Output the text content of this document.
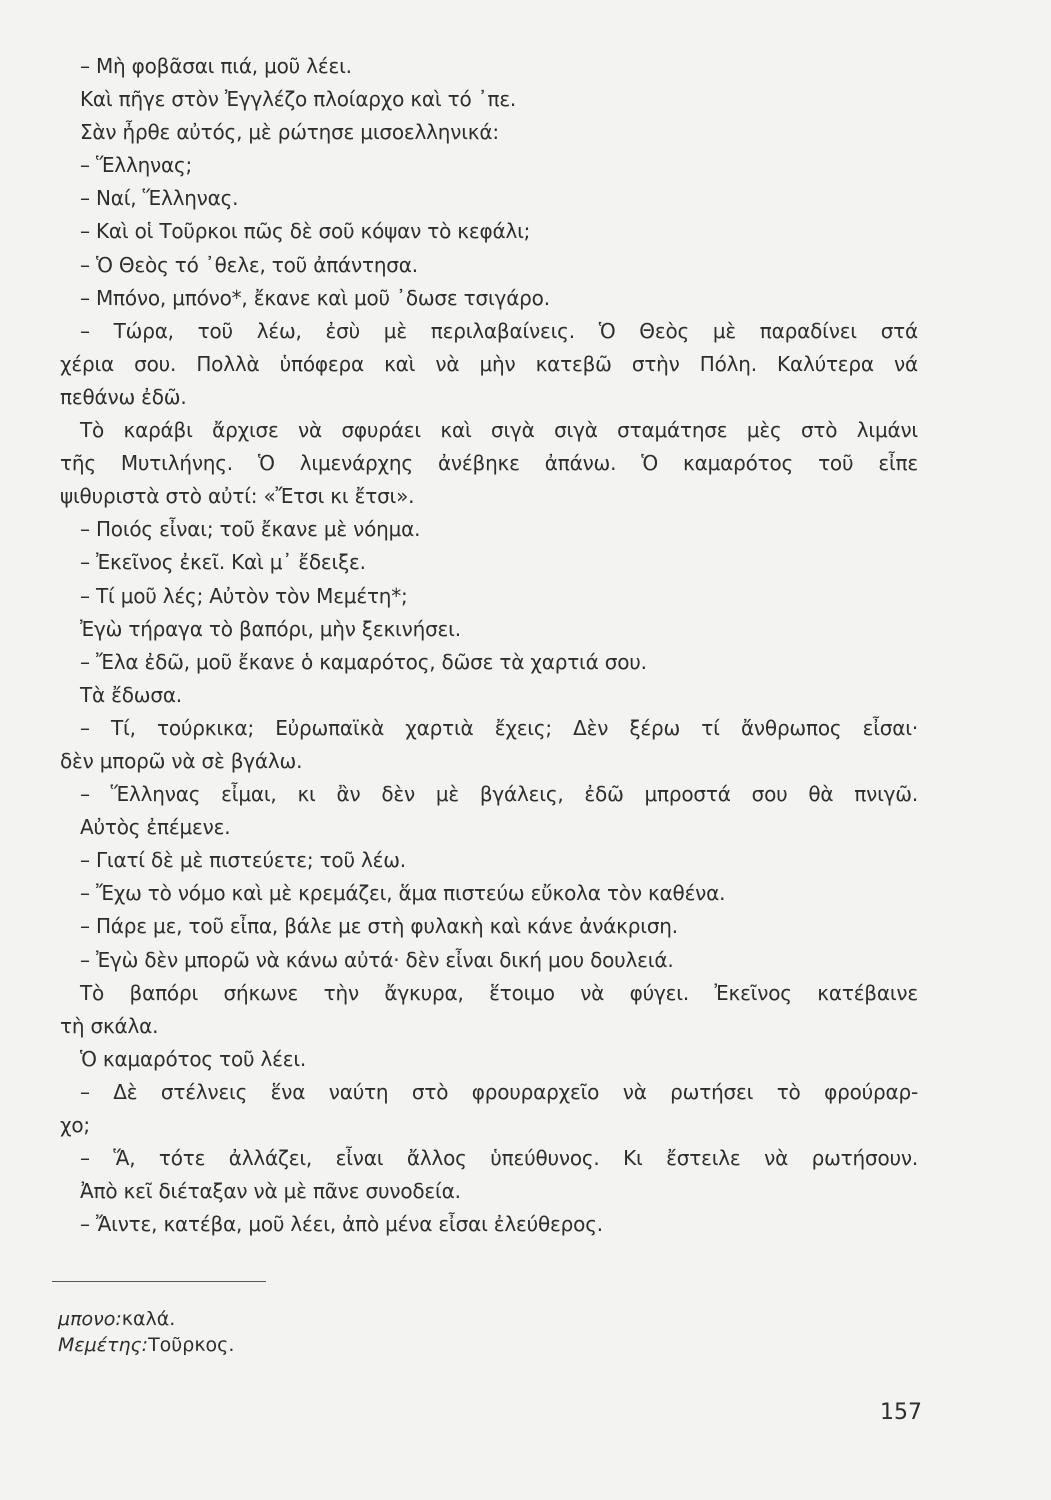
– Μὴ φοβᾶσαι πιά, μοῦ λέει.
Καὶ πῆγε στὸν Ἐγγλέζο πλοίαρχο καὶ τό ᾽πε.
Σὰν ἦρθε αὐτός, μὲ ρώτησε μισοελληνικά:
– Ἕλληνας;
– Ναί, Ἕλληνας.
– Καὶ οἱ Τοῦρκοι πῶς δὲ σοῦ κόψαν τὸ κεφάλι;
– Ὁ Θεὸς τό ᾽θελε, τοῦ ἀπάντησα.
– Μπόνο, μπόνο*, ἔκανε καὶ μοῦ ᾽δωσε τσιγάρο.
– Τώρα, τοῦ λέω, ἐσὺ μὲ περιλαβαίνεις. Ὁ Θεὸς μὲ παραδίνει στά
χέρια σου. Πολλὰ ὑπόφερα καὶ νὰ μὴν κατεβῶ στὴν Πόλη. Καλύτερα νά
πεθάνω ἐδῶ.
Τὸ καράβι ἄρχισε νὰ σφυράει καὶ σιγὰ σιγὰ σταμάτησε μὲς στὸ λιμάνι
τῆς Μυτιλήνης. Ὁ λιμενάρχης ἀνέβηκε ἀπάνω. Ὁ καμαρότος τοῦ εἶπε
ψιθυριστὰ στὸ αὐτί: «Ἔτσι κι ἔτσι».
– Ποιός εἶναι; τοῦ ἔκανε μὲ νόημα.
– Ἐκεῖνος ἐκεῖ. Καὶ μ᾽ ἔδειξε.
– Τί μοῦ λές; Αὐτὸν τὸν Μεμέτη*;
Ἐγὼ τήραγα τὸ βαπόρι, μὴν ξεκινήσει.
– Ἔλα ἐδῶ, μοῦ ἔκανε ὁ καμαρότος, δῶσε τὰ χαρτιά σου.
Τὰ ἔδωσα.
– Τί, τούρκικα; Εὐρωπαϊκὰ χαρτιὰ ἔχεις; Δὲν ξέρω τί ἄνθρωπος εἶσαι·
δὲν μπορῶ νὰ σὲ βγάλω.
– Ἕλληνας εἶμαι, κι ἂν δὲν μὲ βγάλεις, ἐδῶ μπροστά σου θὰ πνιγῶ.
Αὐτὸς ἐπέμενε.
– Γιατί δὲ μὲ πιστεύετε; τοῦ λέω.
– Ἔχω τὸ νόμο καὶ μὲ κρεμάζει, ἅμα πιστεύω εὔκολα τὸν καθένα.
– Πάρε με, τοῦ εἶπα, βάλε με στὴ φυλακὴ καὶ κάνε ἀνάκριση.
– Ἐγὼ δὲν μπορῶ νὰ κάνω αὐτά· δὲν εἶναι δική μου δουλειά.
Τὸ βαπόρι σήκωνε τὴν ἄγκυρα, ἕτοιμο νὰ φύγει. Ἐκεῖνος κατέβαινε
τὴ σκάλα.
Ὁ καμαρότος τοῦ λέει.
– Δὲ στέλνεις ἕνα ναύτη στὸ φρουραρχεῖο νὰ ρωτήσει τὸ φρούραρ-
χο;
– Ἅ, τότε ἀλλάζει, εἶναι ἄλλος ὑπεύθυνος. Κι ἔστειλε νὰ ρωτήσουν.
Ἀπὸ κεῖ διέταξαν νὰ μὲ πᾶνε συνοδεία.
– Ἄιντε, κατέβα, μοῦ λέει, ἀπὸ μένα εἶσαι ἐλεύθερος.
μπονο:καλά.
Μεμέτης:Τοῦρκος.
157
